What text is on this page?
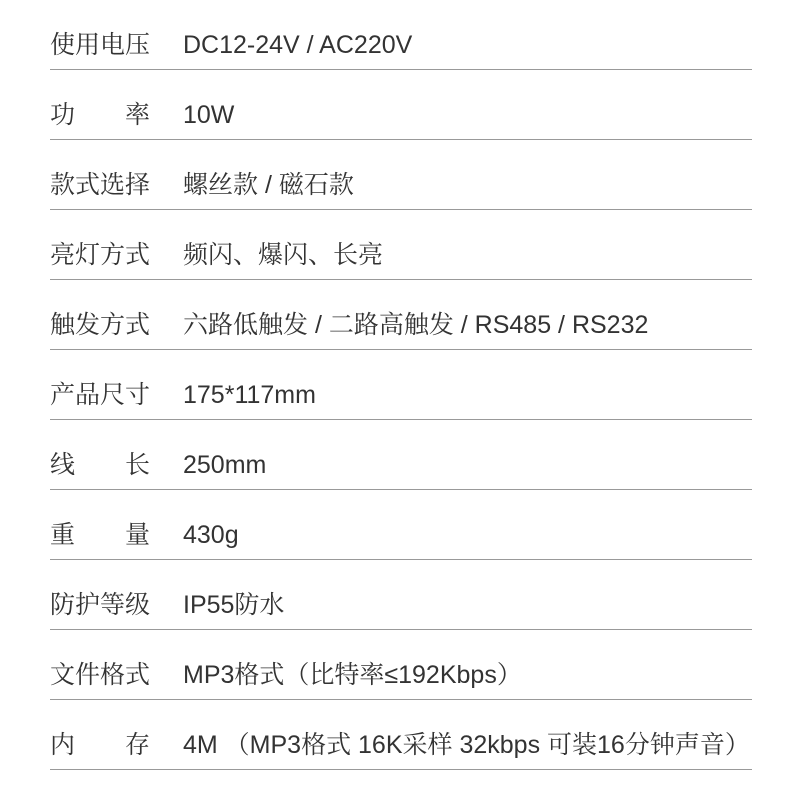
使用电压 DC12-24V / AC220V
功率 10W
款式选择 螺丝款 / 磁石款
亮灯方式 频闪、爆闪、长亮
触发方式 六路低触发 / 二路高触发 / RS485 / RS232
产品尺寸 175*117mm
线长 250mm
重量 430g
防护等级 IP55防水
文件格式 MP3格式（比特率≤192Kbps）
内存 4M （MP3格式 16K采样 32kbps 可装16分钟声音）
